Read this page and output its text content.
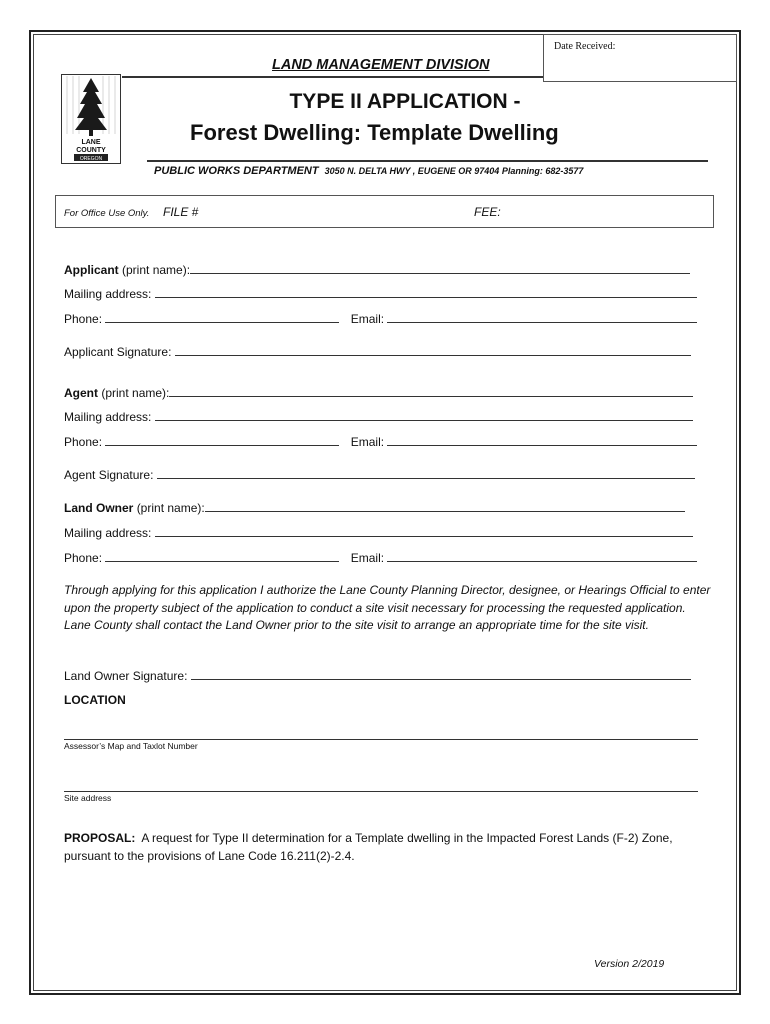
Date Received:
LANE
COUNTY
OREGON
LAND MANAGEMENT DIVISION
TYPE II APPLICATION -
Forest Dwelling: Template Dwelling
PUBLIC WORKS DEPARTMENT 3050 N. DELTA HWY , EUGENE OR 97404 Planning: 682-3577
For Office Use Only. FILE #	FEE:
Applicant (print name):
Mailing address:
Phone:	Email:
Applicant Signature:
Agent (print name):
Mailing address:
Phone:	Email:
Agent Signature:
Land Owner (print name):
Mailing address:
Phone:	Email:
Through applying for this application I authorize the Lane County Planning Director, designee, or Hearings Official to enter upon the property subject of the application to conduct a site visit necessary for processing the requested application. Lane County shall contact the Land Owner prior to the site visit to arrange an appropriate time for the site visit.
Land Owner Signature:
LOCATION
Assessor’s Map and Taxlot Number
Site address
PROPOSAL: A request for Type II determination for a Template dwelling in the Impacted Forest Lands (F-2) Zone, pursuant to the provisions of Lane Code 16.211(2)-2.4.
Version 2/2019
